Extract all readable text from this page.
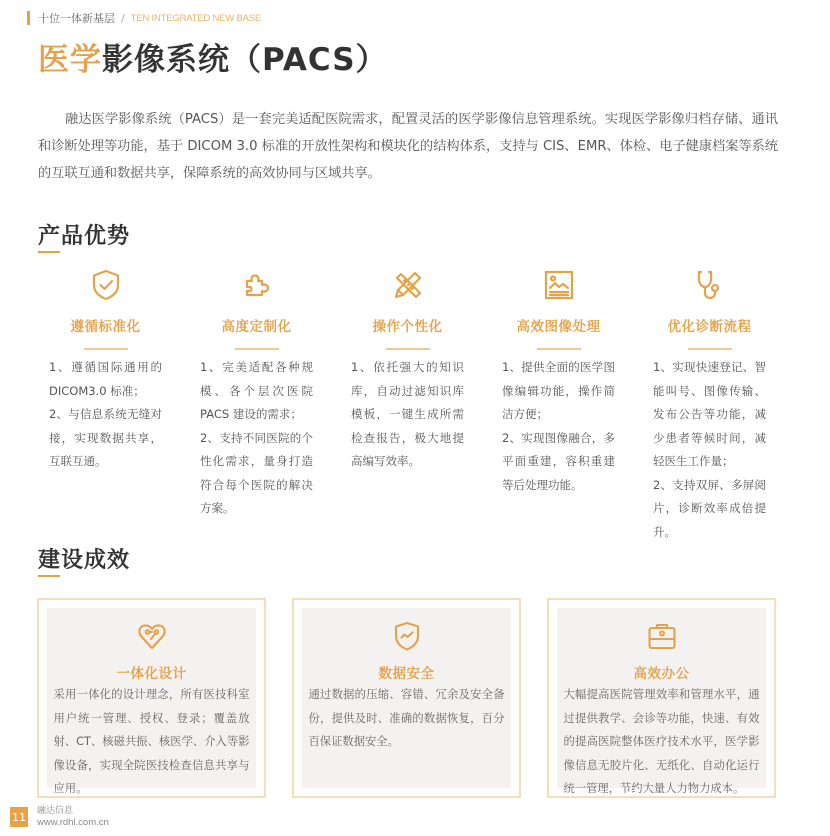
十位一体新基层 / TEN INTEGRATED NEW BASE
医学影像系统（PACS）

融达医学影像系统（PACS）是一套完美适配医院需求，配置灵活的医学影像信息管理系统。实现医学影像归档存储、通讯和诊断处理等功能，基于 DICOM 3.0 标准的开放性架构和模块化的结构体系，支持与 CIS、EMR、体检、电子健康档案等系统的互联互通和数据共享，保障系统的高效协同与区域共享。

产品优势
遵循标准化

1、遵循国际通用的DICOM3.0 标准；

2、与信息系统无缝对接，实现数据共享，互联互通。

高度定制化

1、完美适配各种规模、各个层次医院 PACS 建设的需求；

2、支持不同医院的个性化需求，量身打造符合每个医院的解决方案。

操作个性化

1、依托强大的知识库，自动过滤知识库模板，一键生成所需检查报告，极大地提高编写效率。

高效图像处理

1、提供全面的医学图像编辑功能，操作简洁方便；

2、实现图像融合，多平面重建，容积重建等后处理功能。

优化诊断流程

1、实现快速登记、智能叫号、图像传输、发布公告等功能，减少患者等候时间，减轻医生工作量；

2、支持双屏、多屏阅片，诊断效率成倍提升。

建设成效
一体化设计
采用一体化的设计理念，所有医技科室用户统一管理、授权、登录；覆盖放射、CT、核磁共振、核医学、介入等影像设备，实现全院医技检查信息共享与应用。
数据安全
通过数据的压缩、容错、冗余及安全备份，提供及时、准确的数据恢复，百分百保证数据安全。
高效办公
大幅提高医院管理效率和管理水平，通过提供教学、会诊等功能，快速、有效的提高医院整体医疗技术水平，医学影像信息无胶片化、无纸化、自动化运行统一管理，节约大量人力物力成本。
11 融达信息
www.rdhl.com.cn
